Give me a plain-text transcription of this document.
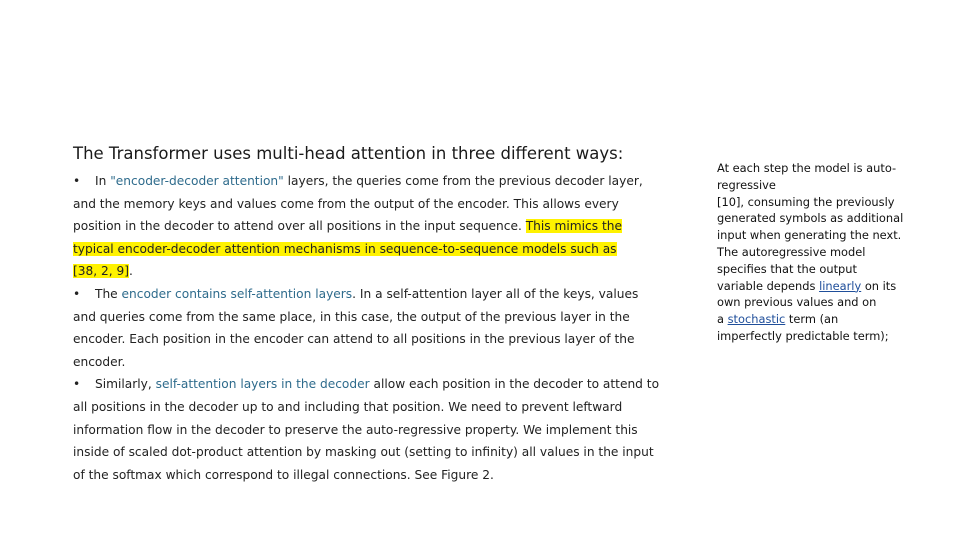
The Transformer uses multi-head attention in three different ways:
• In "encoder-decoder attention" layers, the queries come from the previous decoder layer,
and the memory keys and values come from the output of the encoder. This allows every
position in the decoder to attend over all positions in the input sequence. This mimics the
typical encoder-decoder attention mechanisms in sequence-to-sequence models such as
[38, 2, 9].
• The encoder contains self-attention layers. In a self-attention layer all of the keys, values
and queries come from the same place, in this case, the output of the previous layer in the
encoder. Each position in the encoder can attend to all positions in the previous layer of the
encoder.
• Similarly, self-attention layers in the decoder allow each position in the decoder to attend to
all positions in the decoder up to and including that position. We need to prevent leftward
information flow in the decoder to preserve the auto-regressive property. We implement this
inside of scaled dot-product attention by masking out (setting to infinity) all values in the input
of the softmax which correspond to illegal connections. See Figure 2.
At each step the model is auto-
regressive
[10], consuming the previously
generated symbols as additional
input when generating the next.
The autoregressive model
specifies that the output
variable depends linearly on its
own previous values and on
a stochastic term (an
imperfectly predictable term);
